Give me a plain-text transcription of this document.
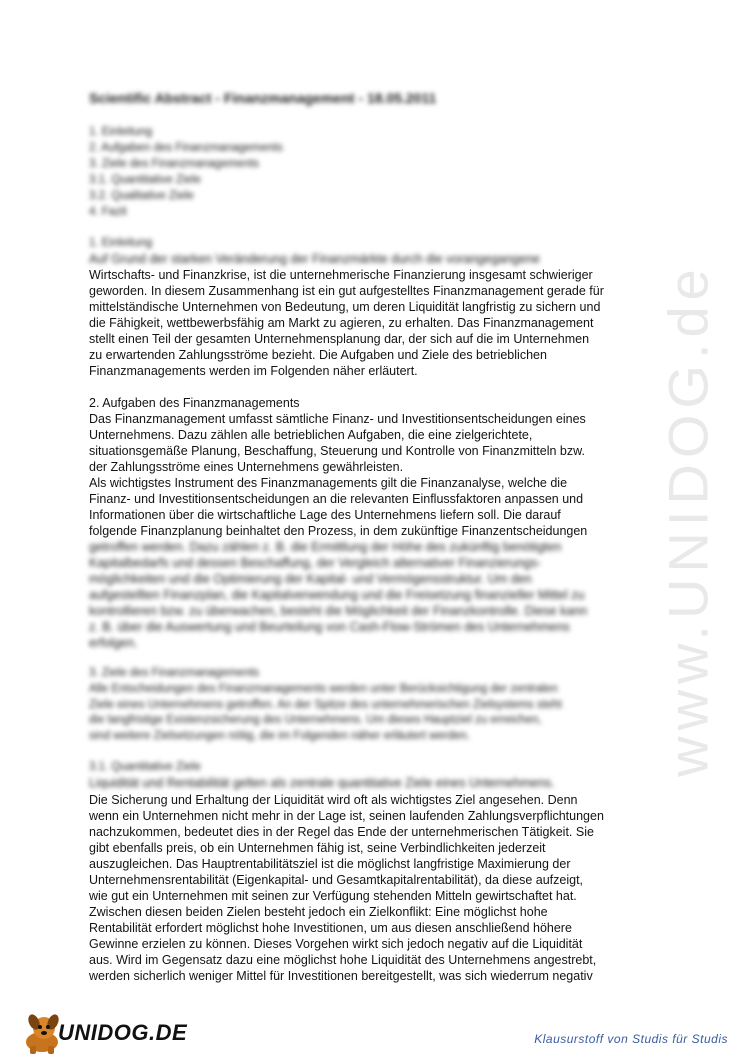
www.UNIDOG.de
Scientific Abstract - Finanzmanagement - 18.05.2011
1. Einleitung
2. Aufgaben des Finanzmanagements
3. Ziele des Finanzmanagements
3.1. Quantitative Ziele
3.2. Qualitative Ziele
4. Fazit
1. Einleitung
Auf Grund der starken Veränderung der Finanzmärkte durch die vorangegangene
Wirtschafts- und Finanzkrise, ist die unternehmerische Finanzierung insgesamt schwieriger
geworden. In diesem Zusammenhang ist ein gut aufgestelltes Finanzmanagement gerade für
mittelständische Unternehmen von Bedeutung, um deren Liquidität langfristig zu sichern und
die Fähigkeit, wettbewerbsfähig am Markt zu agieren, zu erhalten. Das Finanzmanagement
stellt einen Teil der gesamten Unternehmensplanung dar, der sich auf die im Unternehmen
zu erwartenden Zahlungsströme bezieht. Die Aufgaben und Ziele des betrieblichen
Finanzmanagements werden im Folgenden näher erläutert.
2. Aufgaben des Finanzmanagements
Das Finanzmanagement umfasst sämtliche Finanz- und Investitionsentscheidungen eines
Unternehmens. Dazu zählen alle betrieblichen Aufgaben, die eine zielgerichtete,
situationsgemäße Planung, Beschaffung, Steuerung und Kontrolle von Finanzmitteln bzw.
der Zahlungsströme eines Unternehmens gewährleisten.
Als wichtigstes Instrument des Finanzmanagements gilt die Finanzanalyse, welche die
Finanz- und Investitionsentscheidungen an die relevanten Einflussfaktoren anpassen und
Informationen über die wirtschaftliche Lage des Unternehmens liefern soll. Die darauf
folgende Finanzplanung beinhaltet den Prozess, in dem zukünftige Finanzentscheidungen
getroffen werden. Dazu zählen z. B. die Ermittlung der Höhe des zukünftig benötigten
Kapitalbedarfs und dessen Beschaffung, der Vergleich alternativer Finanzierungs-
möglichkeiten und die Optimierung der Kapital- und Vermögensstruktur. Um den
aufgestellten Finanzplan, die Kapitalverwendung und die Freisetzung finanzieller Mittel zu
kontrollieren bzw. zu überwachen, besteht die Möglichkeit der Finanzkontrolle. Diese kann
z. B. über die Auswertung und Beurteilung von Cash-Flow-Strömen des Unternehmens
erfolgen.
3. Ziele des Finanzmanagements
Alle Entscheidungen des Finanzmanagements werden unter Berücksichtigung der zentralen
Ziele eines Unternehmens getroffen. An der Spitze des unternehmerischen Zielsystems steht
die langfristige Existenzsicherung des Unternehmens. Um dieses Hauptziel zu erreichen,
sind weitere Zielsetzungen nötig, die im Folgenden näher erläutert werden.
3.1. Quantitative Ziele
Liquidität und Rentabilität gelten als zentrale quantitative Ziele eines Unternehmens.
Die Sicherung und Erhaltung der Liquidität wird oft als wichtigstes Ziel angesehen. Denn
wenn ein Unternehmen nicht mehr in der Lage ist, seinen laufenden Zahlungsverpflichtungen
nachzukommen, bedeutet dies in der Regel das Ende der unternehmerischen Tätigkeit. Sie
gibt ebenfalls preis, ob ein Unternehmen fähig ist, seine Verbindlichkeiten jederzeit
auszugleichen. Das Hauptrentabilitätsziel ist die möglichst langfristige Maximierung der
Unternehmensrentabilität (Eigenkapital- und Gesamtkapitalrentabilität), da diese aufzeigt,
wie gut ein Unternehmen mit seinen zur Verfügung stehenden Mitteln gewirtschaftet hat.
Zwischen diesen beiden Zielen besteht jedoch ein Zielkonflikt: Eine möglichst hohe
Rentabilität erfordert möglichst hohe Investitionen, um aus diesen anschließend höhere
Gewinne erzielen zu können. Dieses Vorgehen wirkt sich jedoch negativ auf die Liquidität
aus. Wird im Gegensatz dazu eine möglichst hohe Liquidität des Unternehmens angestrebt,
werden sicherlich weniger Mittel für Investitionen bereitgestellt, was sich wiederrum negativ
UNIDOG.DE	Klausurstoff von Studis für Studis
